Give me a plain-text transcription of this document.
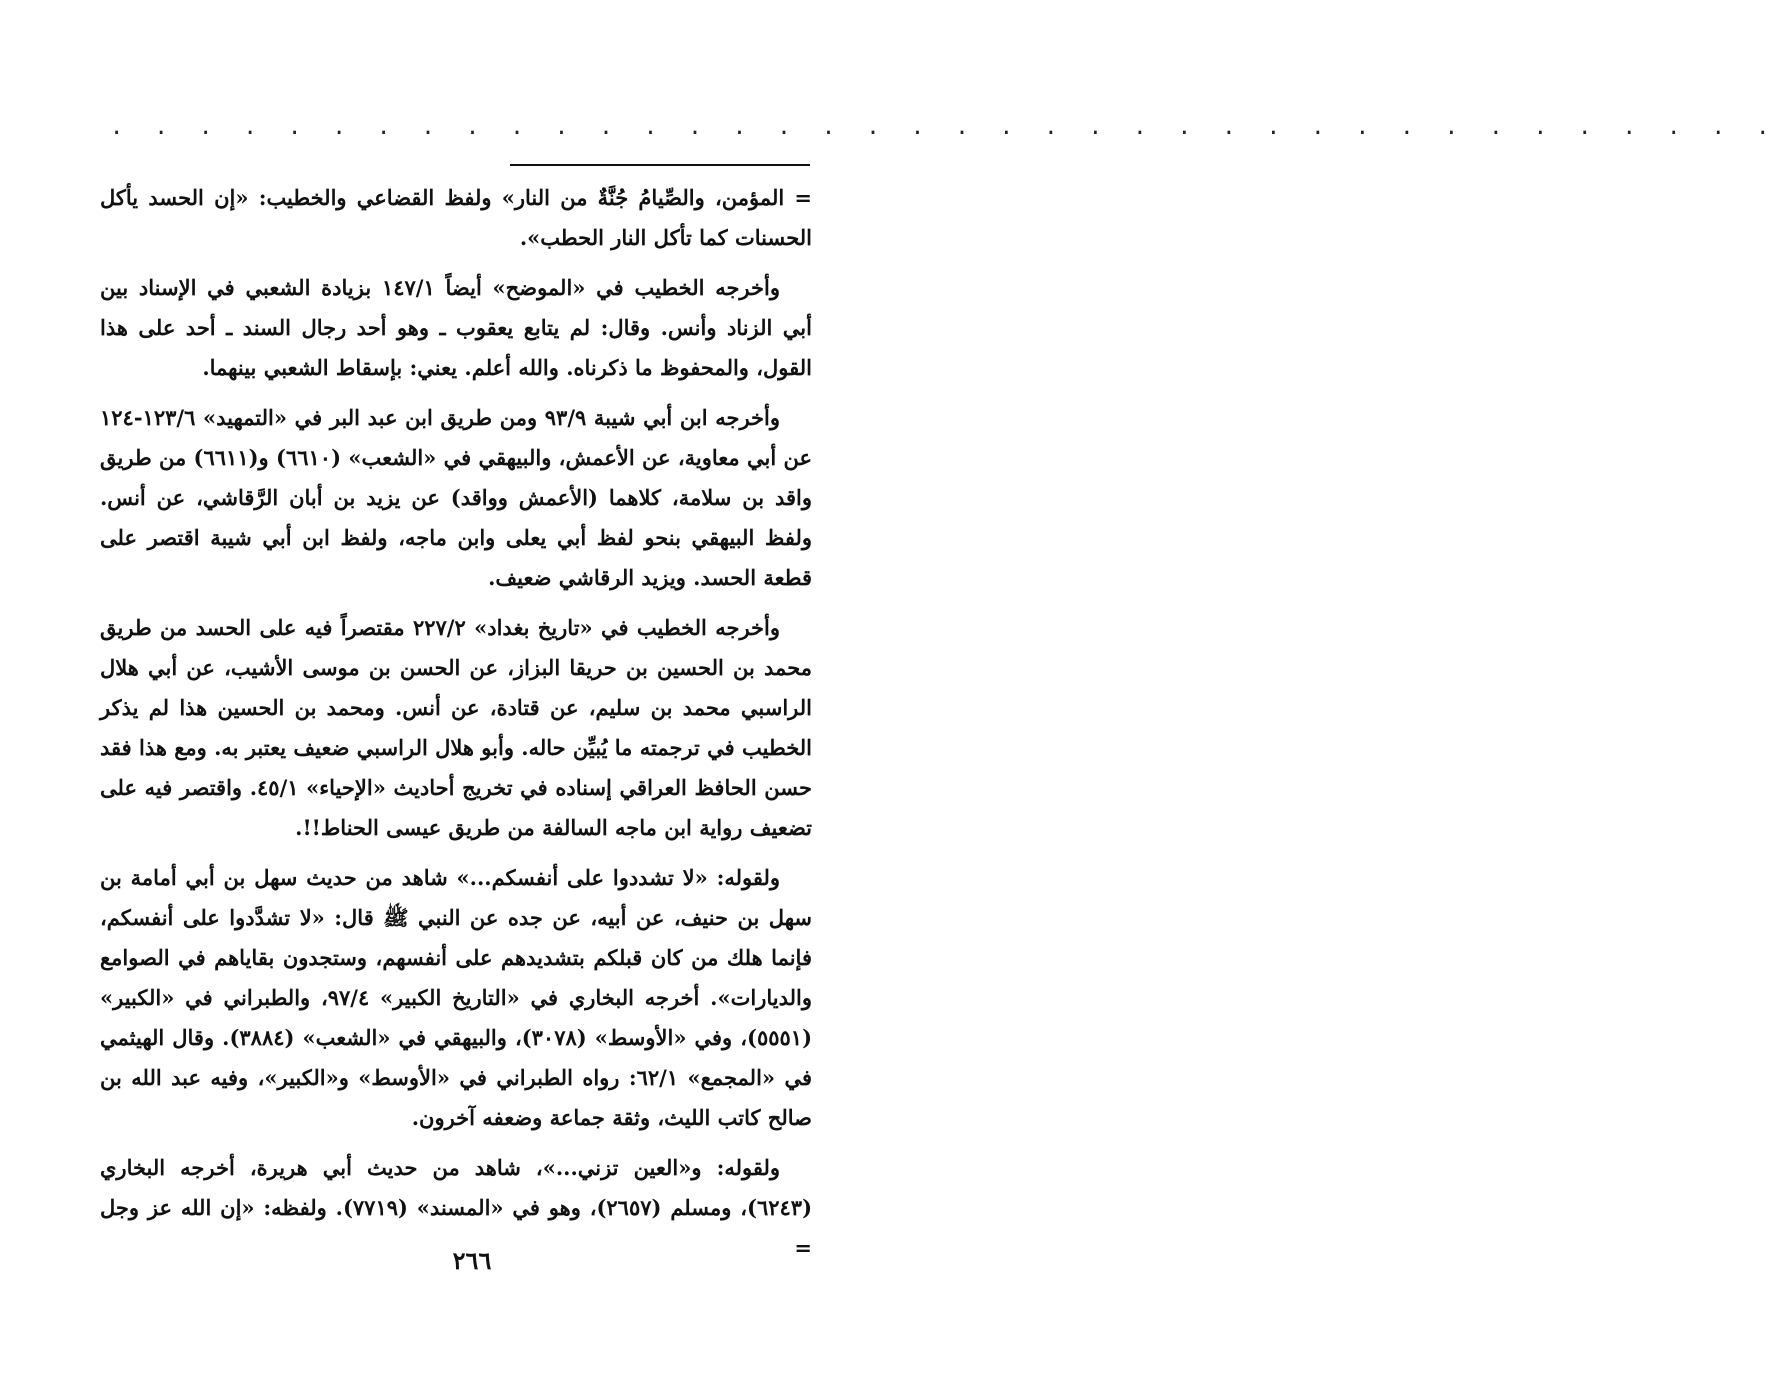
. . . . . . . . . . . . . . . . . . . . . . . . . . . . . . . . . . . . . .

= المؤمن، والصِّيامُ جُنَّةٌ من النار» ولفظ القضاعي والخطيب: «إن الحسد يأكل الحسنات كما تأكل النار الحطب».

وأخرجه الخطيب في «الموضح» أيضاً ١٤٧/١ بزيادة الشعبي في الإسناد بين أبي الزناد وأنس. وقال: لم يتابع يعقوب ـ وهو أحد رجال السند ـ أحد على هذا القول، والمحفوظ ما ذكرناه. والله أعلم. يعني: بإسقاط الشعبي بينهما.

وأخرجه ابن أبي شيبة ٩٣/٩ ومن طريق ابن عبد البر في «التمهيد» ١٢٣/٦-١٢٤ عن أبي معاوية، عن الأعمش، والبيهقي في «الشعب» (٦٦١٠) و(٦٦١١) من طريق واقد بن سلامة، كلاهما (الأعمش وواقد) عن يزيد بن أبان الرَّقاشي، عن أنس. ولفظ البيهقي بنحو لفظ أبي يعلى وابن ماجه، ولفظ ابن أبي شيبة اقتصر على قطعة الحسد. ويزيد الرقاشي ضعيف.

وأخرجه الخطيب في «تاريخ بغداد» ٢٢٧/٢ مقتصراً فيه على الحسد من طريق محمد بن الحسين بن حريقا البزاز، عن الحسن بن موسى الأشيب، عن أبي هلال الراسبي محمد بن سليم، عن قتادة، عن أنس. ومحمد بن الحسين هذا لم يذكر الخطيب في ترجمته ما يُبيِّن حاله. وأبو هلال الراسبي ضعيف يعتبر به. ومع هذا فقد حسن الحافظ العراقي إسناده في تخريج أحاديث «الإحياء» ٤٥/١. واقتصر فيه على تضعيف رواية ابن ماجه السالفة من طريق عيسى الحناط!!.

ولقوله: «لا تشددوا على أنفسكم...» شاهد من حديث سهل بن أبي أمامة بن سهل بن حنيف، عن أبيه، عن جده عن النبي ﷺ قال: «لا تشدَّدوا على أنفسكم، فإنما هلك من كان قبلكم بتشديدهم على أنفسهم، وستجدون بقاياهم في الصوامع والديارات». أخرجه البخاري في «التاريخ الكبير» ٩٧/٤، والطبراني في «الكبير» (٥٥٥١)، وفي «الأوسط» (٣٠٧٨)، والبيهقي في «الشعب» (٣٨٨٤). وقال الهيثمي في «المجمع» ٦٢/١: رواه الطبراني في «الأوسط» و«الكبير»، وفيه عبد الله بن صالح كاتب الليث، وثقة جماعة وضعفه آخرون.

ولقوله: و«العين تزني...»، شاهد من حديث أبي هريرة، أخرجه البخاري (٦٢٤٣)، ومسلم (٢٦٥٧)، وهو في «المسند» (٧٧١٩). ولفظه: «إن الله عز وجل =

٢٦٦
